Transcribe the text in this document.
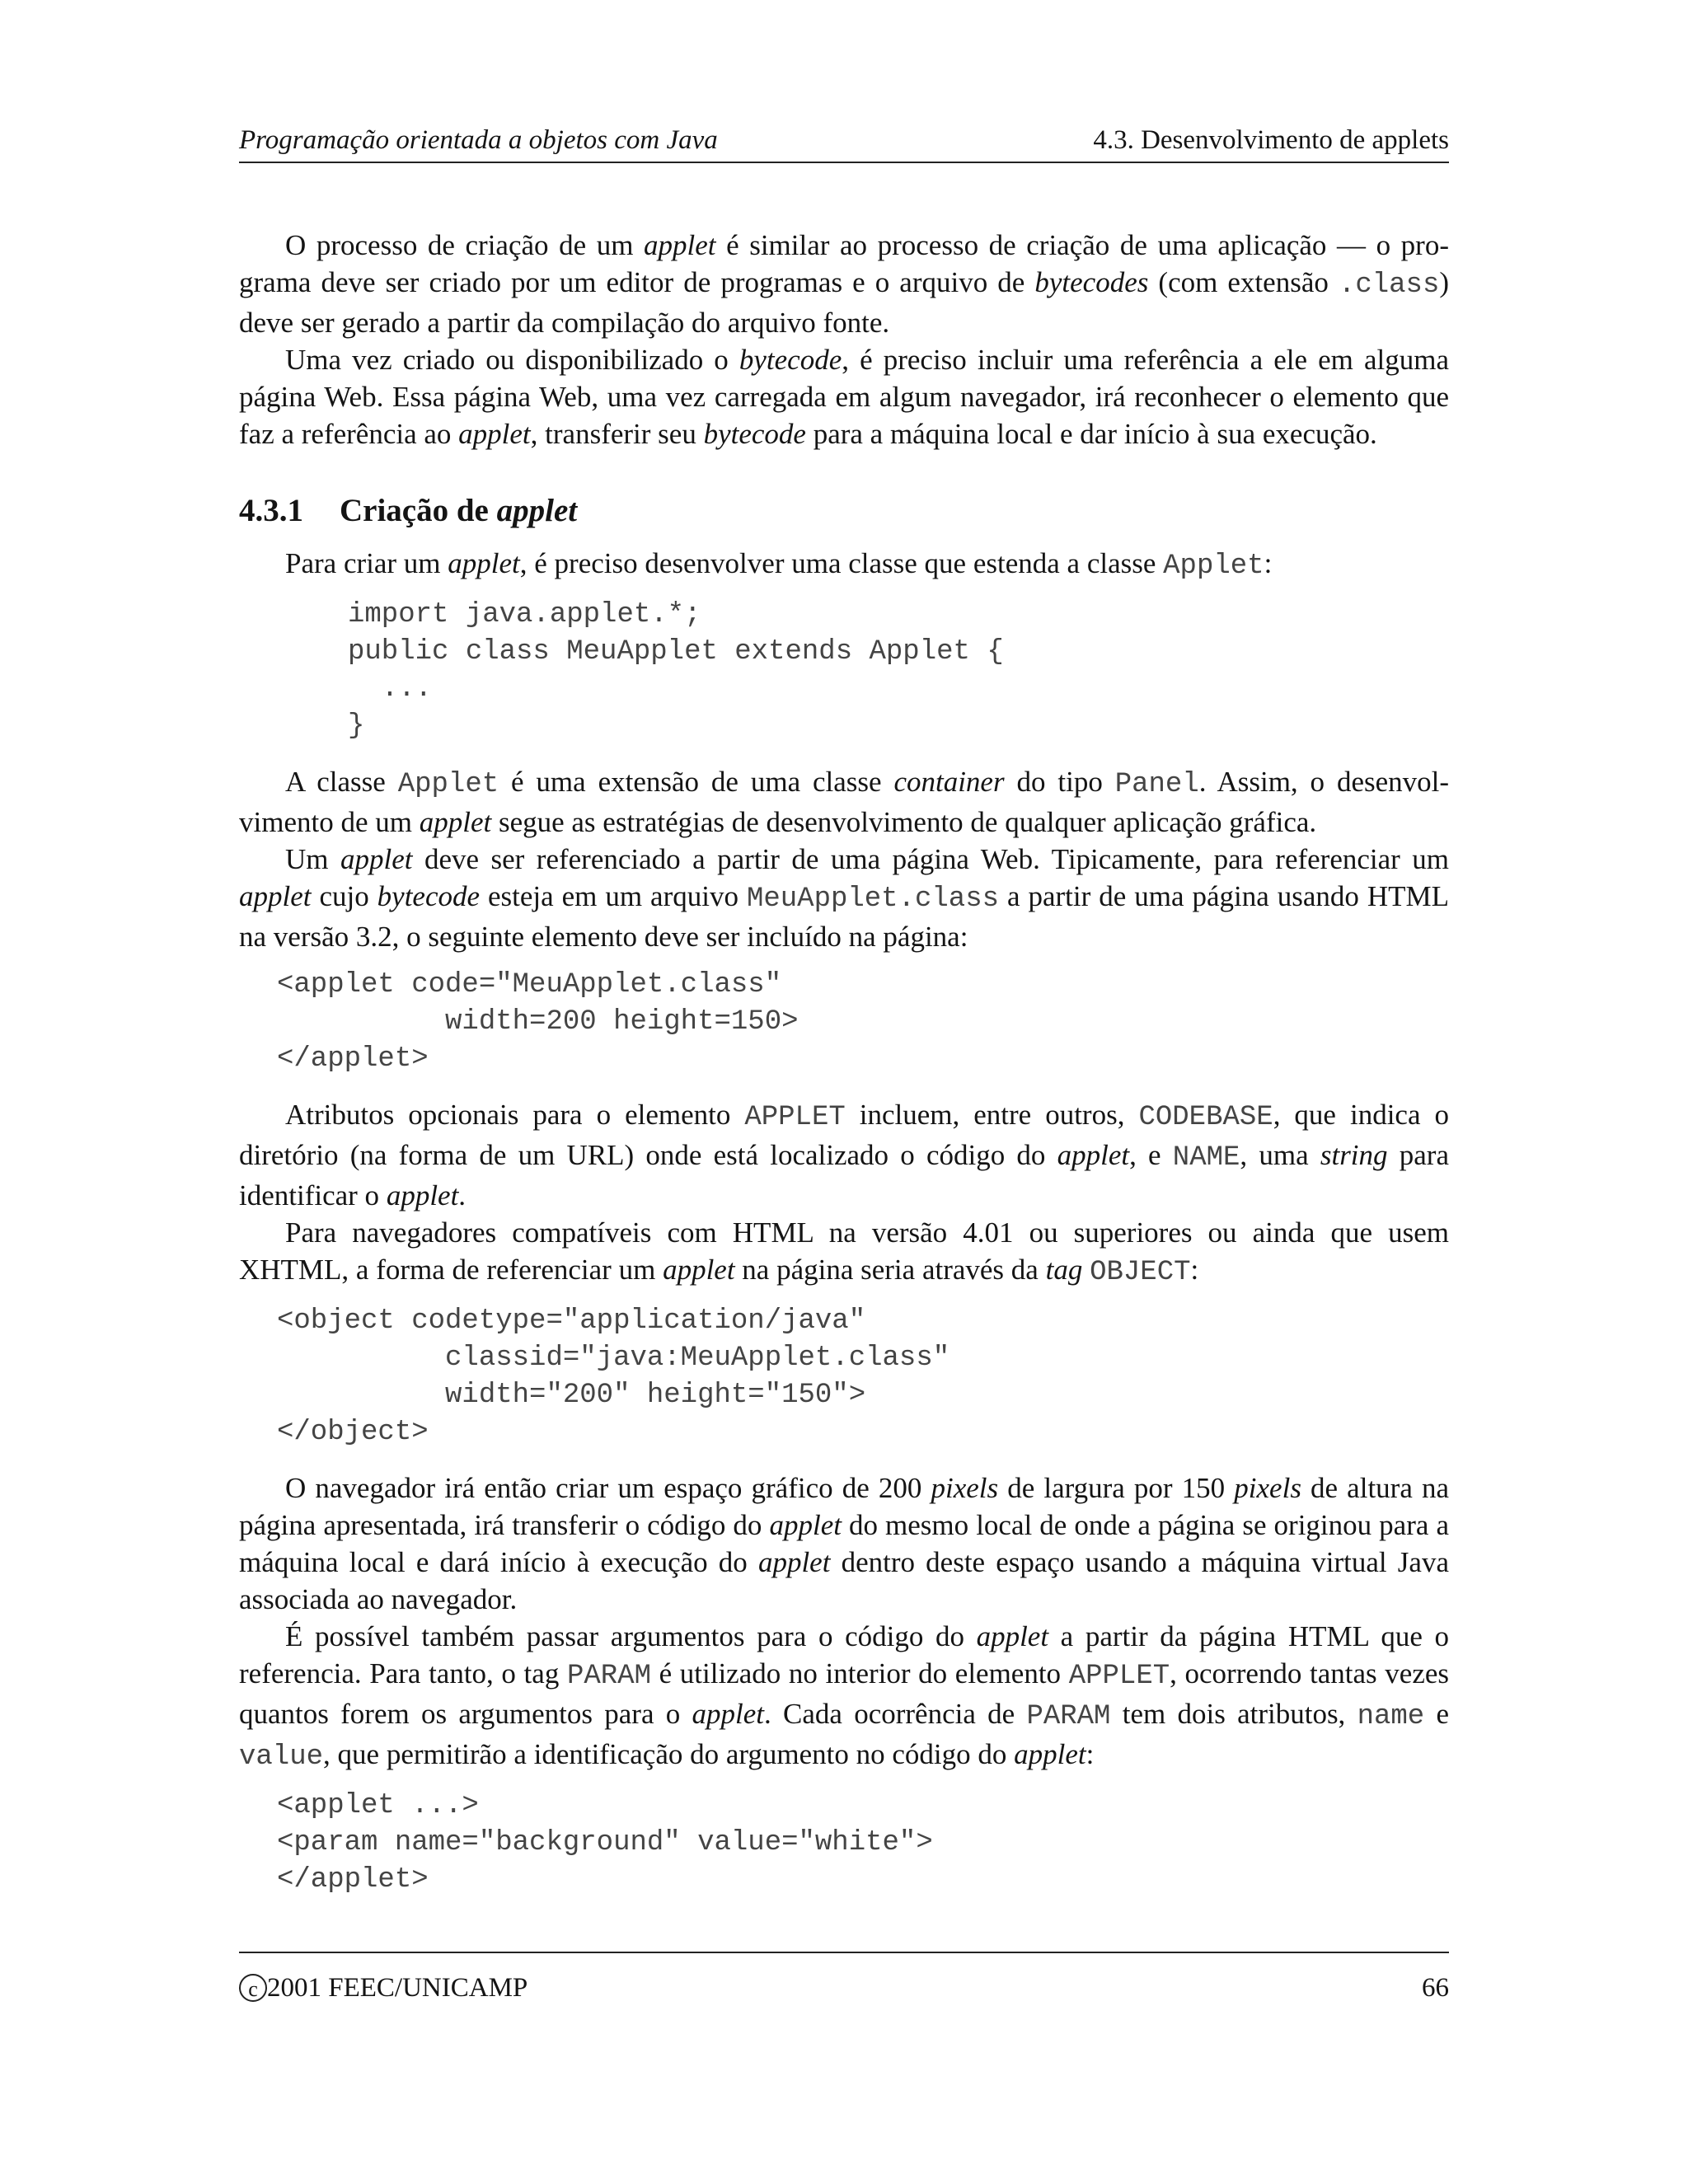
Programação orientada a objetos com Java	4.3. Desenvolvimento de applets

O processo de criação de um applet é similar ao processo de criação de uma aplicação — o pro-grama deve ser criado por um editor de programas e o arquivo de bytecodes (com extensão .class) deve ser gerado a partir da compilação do arquivo fonte.

Uma vez criado ou disponibilizado o bytecode, é preciso incluir uma referência a ele em alguma página Web. Essa página Web, uma vez carregada em algum navegador, irá reconhecer o elemento que faz a referência ao applet, transferir seu bytecode para a máquina local e dar início à sua execução.

4.3.1 Criação de applet

Para criar um applet, é preciso desenvolver uma classe que estenda a classe Applet:

import java.applet.*;
public class MeuApplet extends Applet {
...
}

A classe Applet é uma extensão de uma classe container do tipo Panel. Assim, o desenvol-vimento de um applet segue as estratégias de desenvolvimento de qualquer aplicação gráfica.

Um applet deve ser referenciado a partir de uma página Web. Tipicamente, para referenciar um applet cujo bytecode esteja em um arquivo MeuApplet.class a partir de uma página usando HTML na versão 3.2, o seguinte elemento deve ser incluído na página:

<applet code="MeuApplet.class"
width=200 height=150>
</applet>

Atributos opcionais para o elemento APPLET incluem, entre outros, CODEBASE, que indica o diretório (na forma de um URL) onde está localizado o código do applet, e NAME, uma string para identificar o applet.

Para navegadores compatíveis com HTML na versão 4.01 ou superiores ou ainda que usem XHTML, a forma de referenciar um applet na página seria através da tag OBJECT:

<object codetype="application/java"
classid="java:MeuApplet.class"
width="200" height="150">
</object>

O navegador irá então criar um espaço gráfico de 200 pixels de largura por 150 pixels de altura na página apresentada, irá transferir o código do applet do mesmo local de onde a página se originou para a máquina local e dará início à execução do applet dentro deste espaço usando a máquina virtual Java associada ao navegador.

É possível também passar argumentos para o código do applet a partir da página HTML que o referencia. Para tanto, o tag PARAM é utilizado no interior do elemento APPLET, ocorrendo tantas vezes quantos forem os argumentos para o applet. Cada ocorrência de PARAM tem dois atributos, name e value, que permitirão a identificação do argumento no código do applet:

<applet ...>
<param name="background" value="white">
</applet>
c 2001 FEEC/UNICAMP	66
